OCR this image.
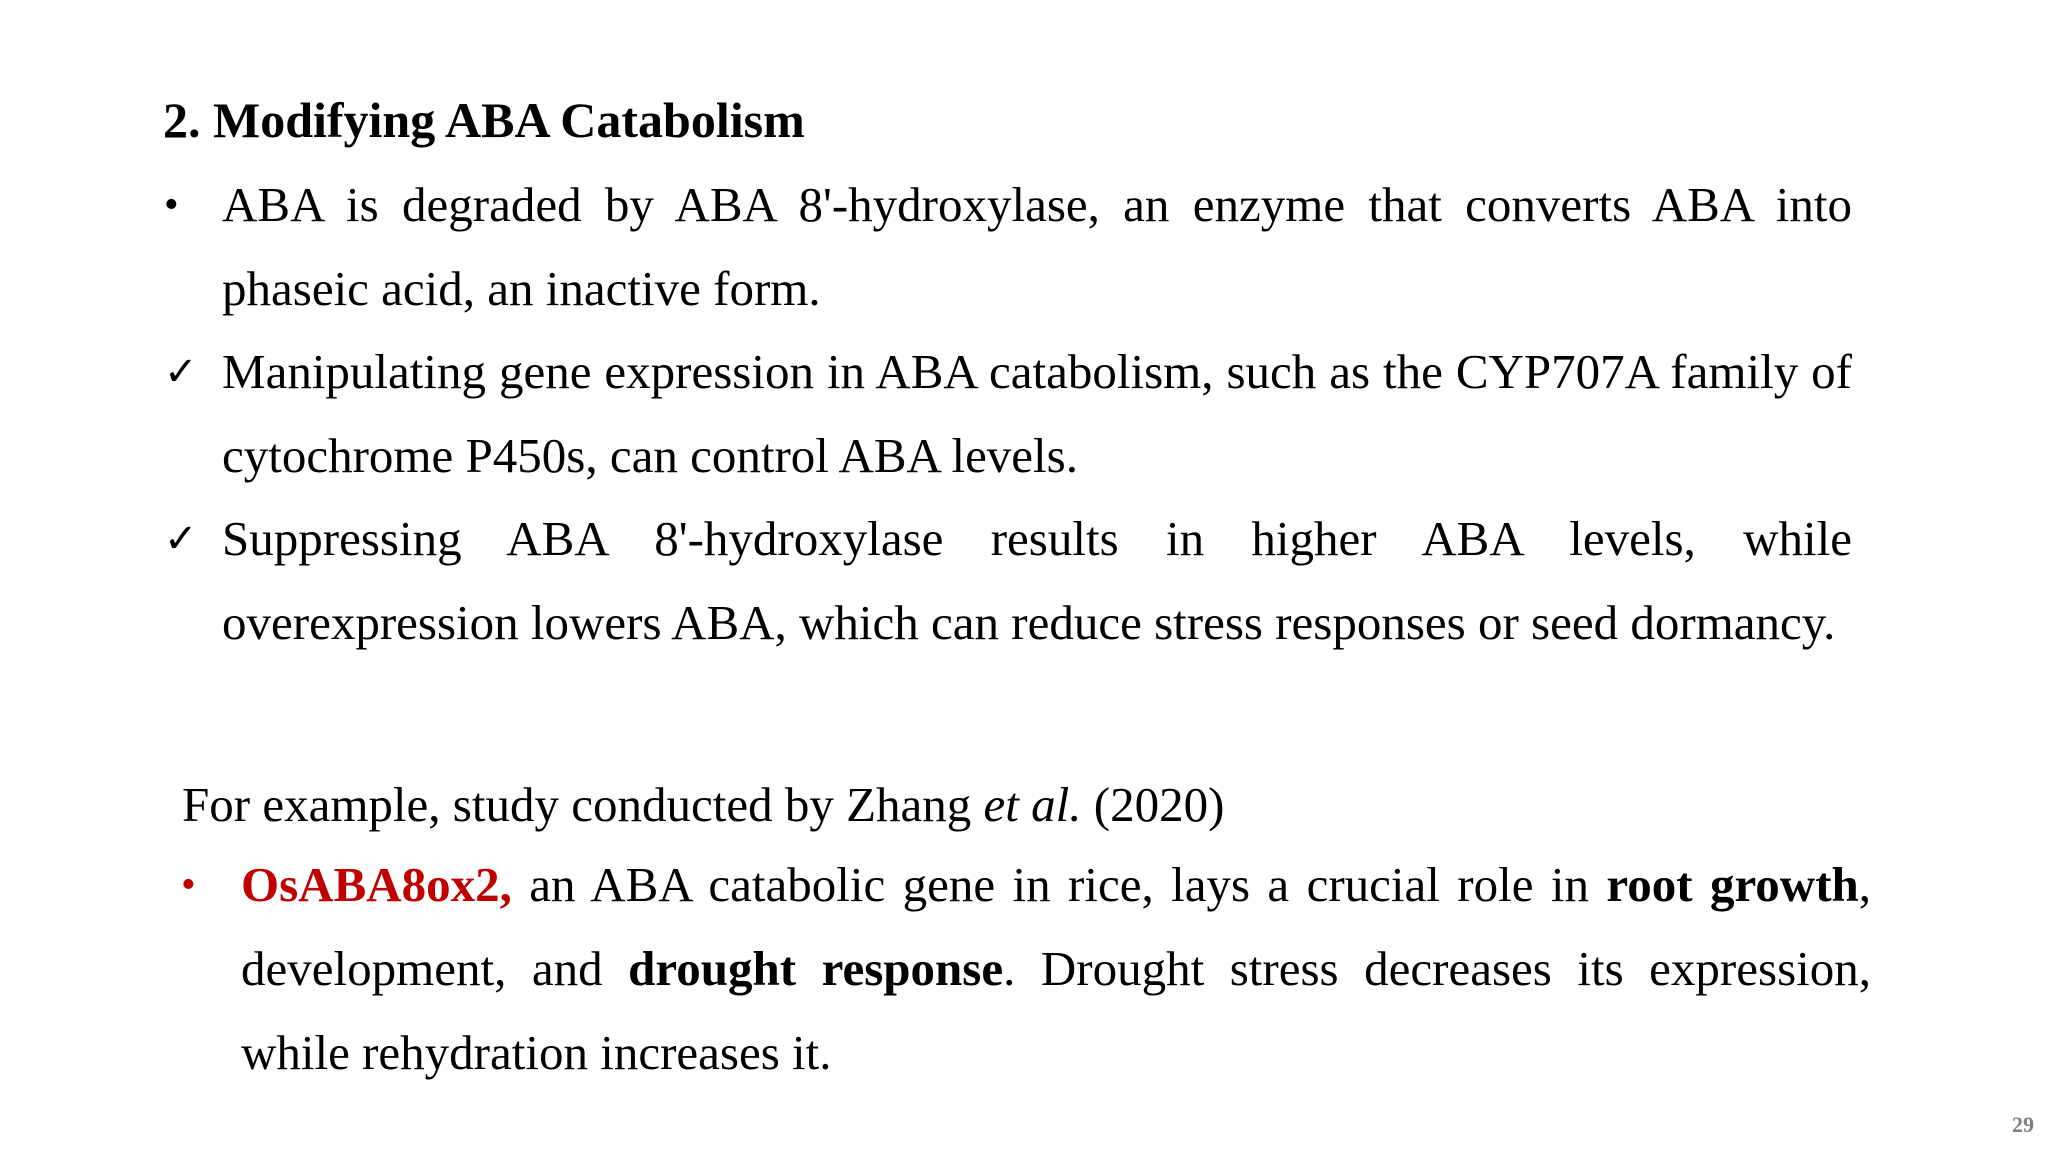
2. Modifying ABA Catabolism
• ABA is degraded by ABA 8'-hydroxylase, an enzyme that converts ABA into phaseic acid, an inactive form.
✓ Manipulating gene expression in ABA catabolism, such as the CYP707A family of cytochrome P450s, can control ABA levels.
✓ Suppressing ABA 8'-hydroxylase results in higher ABA levels, while overexpression lowers ABA, which can reduce stress responses or seed dormancy.
For example, study conducted by Zhang et al. (2020)
• OsABA8ox2, an ABA catabolic gene in rice, lays a crucial role in root growth, development, and drought response. Drought stress decreases its expression, while rehydration increases it.
29
